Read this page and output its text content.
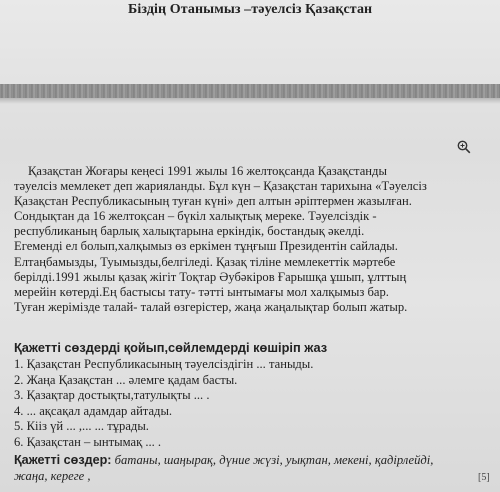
Біздің Отанымыз –тәуелсіз Қазақстан
Қазақстан Жоғары кеңесі 1991 жылы 16 желтоқсанда Қазақстанды
тәуелсіз мемлекет деп жарияланды. Бұл күн – Қазақстан тарихына «Тәуелсіз
Қазақстан Республикасының туған күні» деп алтын әріптермен жазылған.
Сондықтан да 16 желтоқсан – бүкіл халықтық мереке. Тәуелсіздік -
республиканың барлық халықтарына еркіндік, бостандық әкелді.
Егеменді ел болып,халқымыз өз еркімен тұңғыш Президентін сайлады.
Елтаңбамызды, Туымызды,белгіледі. Қазақ тіліне мемлекеттік мәртебе
берілді.1991 жылы қазақ жігіт Тоқтар Әубәкіров Ғарышқа ұшып, ұлттың
мерейін көтерді.Ең бастысы тату- тәтті ынтымағы мол халқымыз бар.
Туған жерімізде талай- талай өзгерістер, жаңа жаңалықтар болып жатыр.
Қажетті сөздерді қойып,сөйлемдерді көшіріп жаз
1. Қазақстан Республикасының тәуелсіздігін ... таныды.
2. Жаңа Қазақстан ... әлемге қадам басты.
3. Қазақтар достықты,татулықты ... .
4. ... ақсақал адамдар айтады.
5. Кііз үй ... ,... ... тұрады.
6. Қазақстан – ынтымақ ... .
Қажетті сөздер: батаны, шаңырақ, дүние жүзі, уықтан, мекені, қадірлейді,
жаңа, кереге ,	[5]
